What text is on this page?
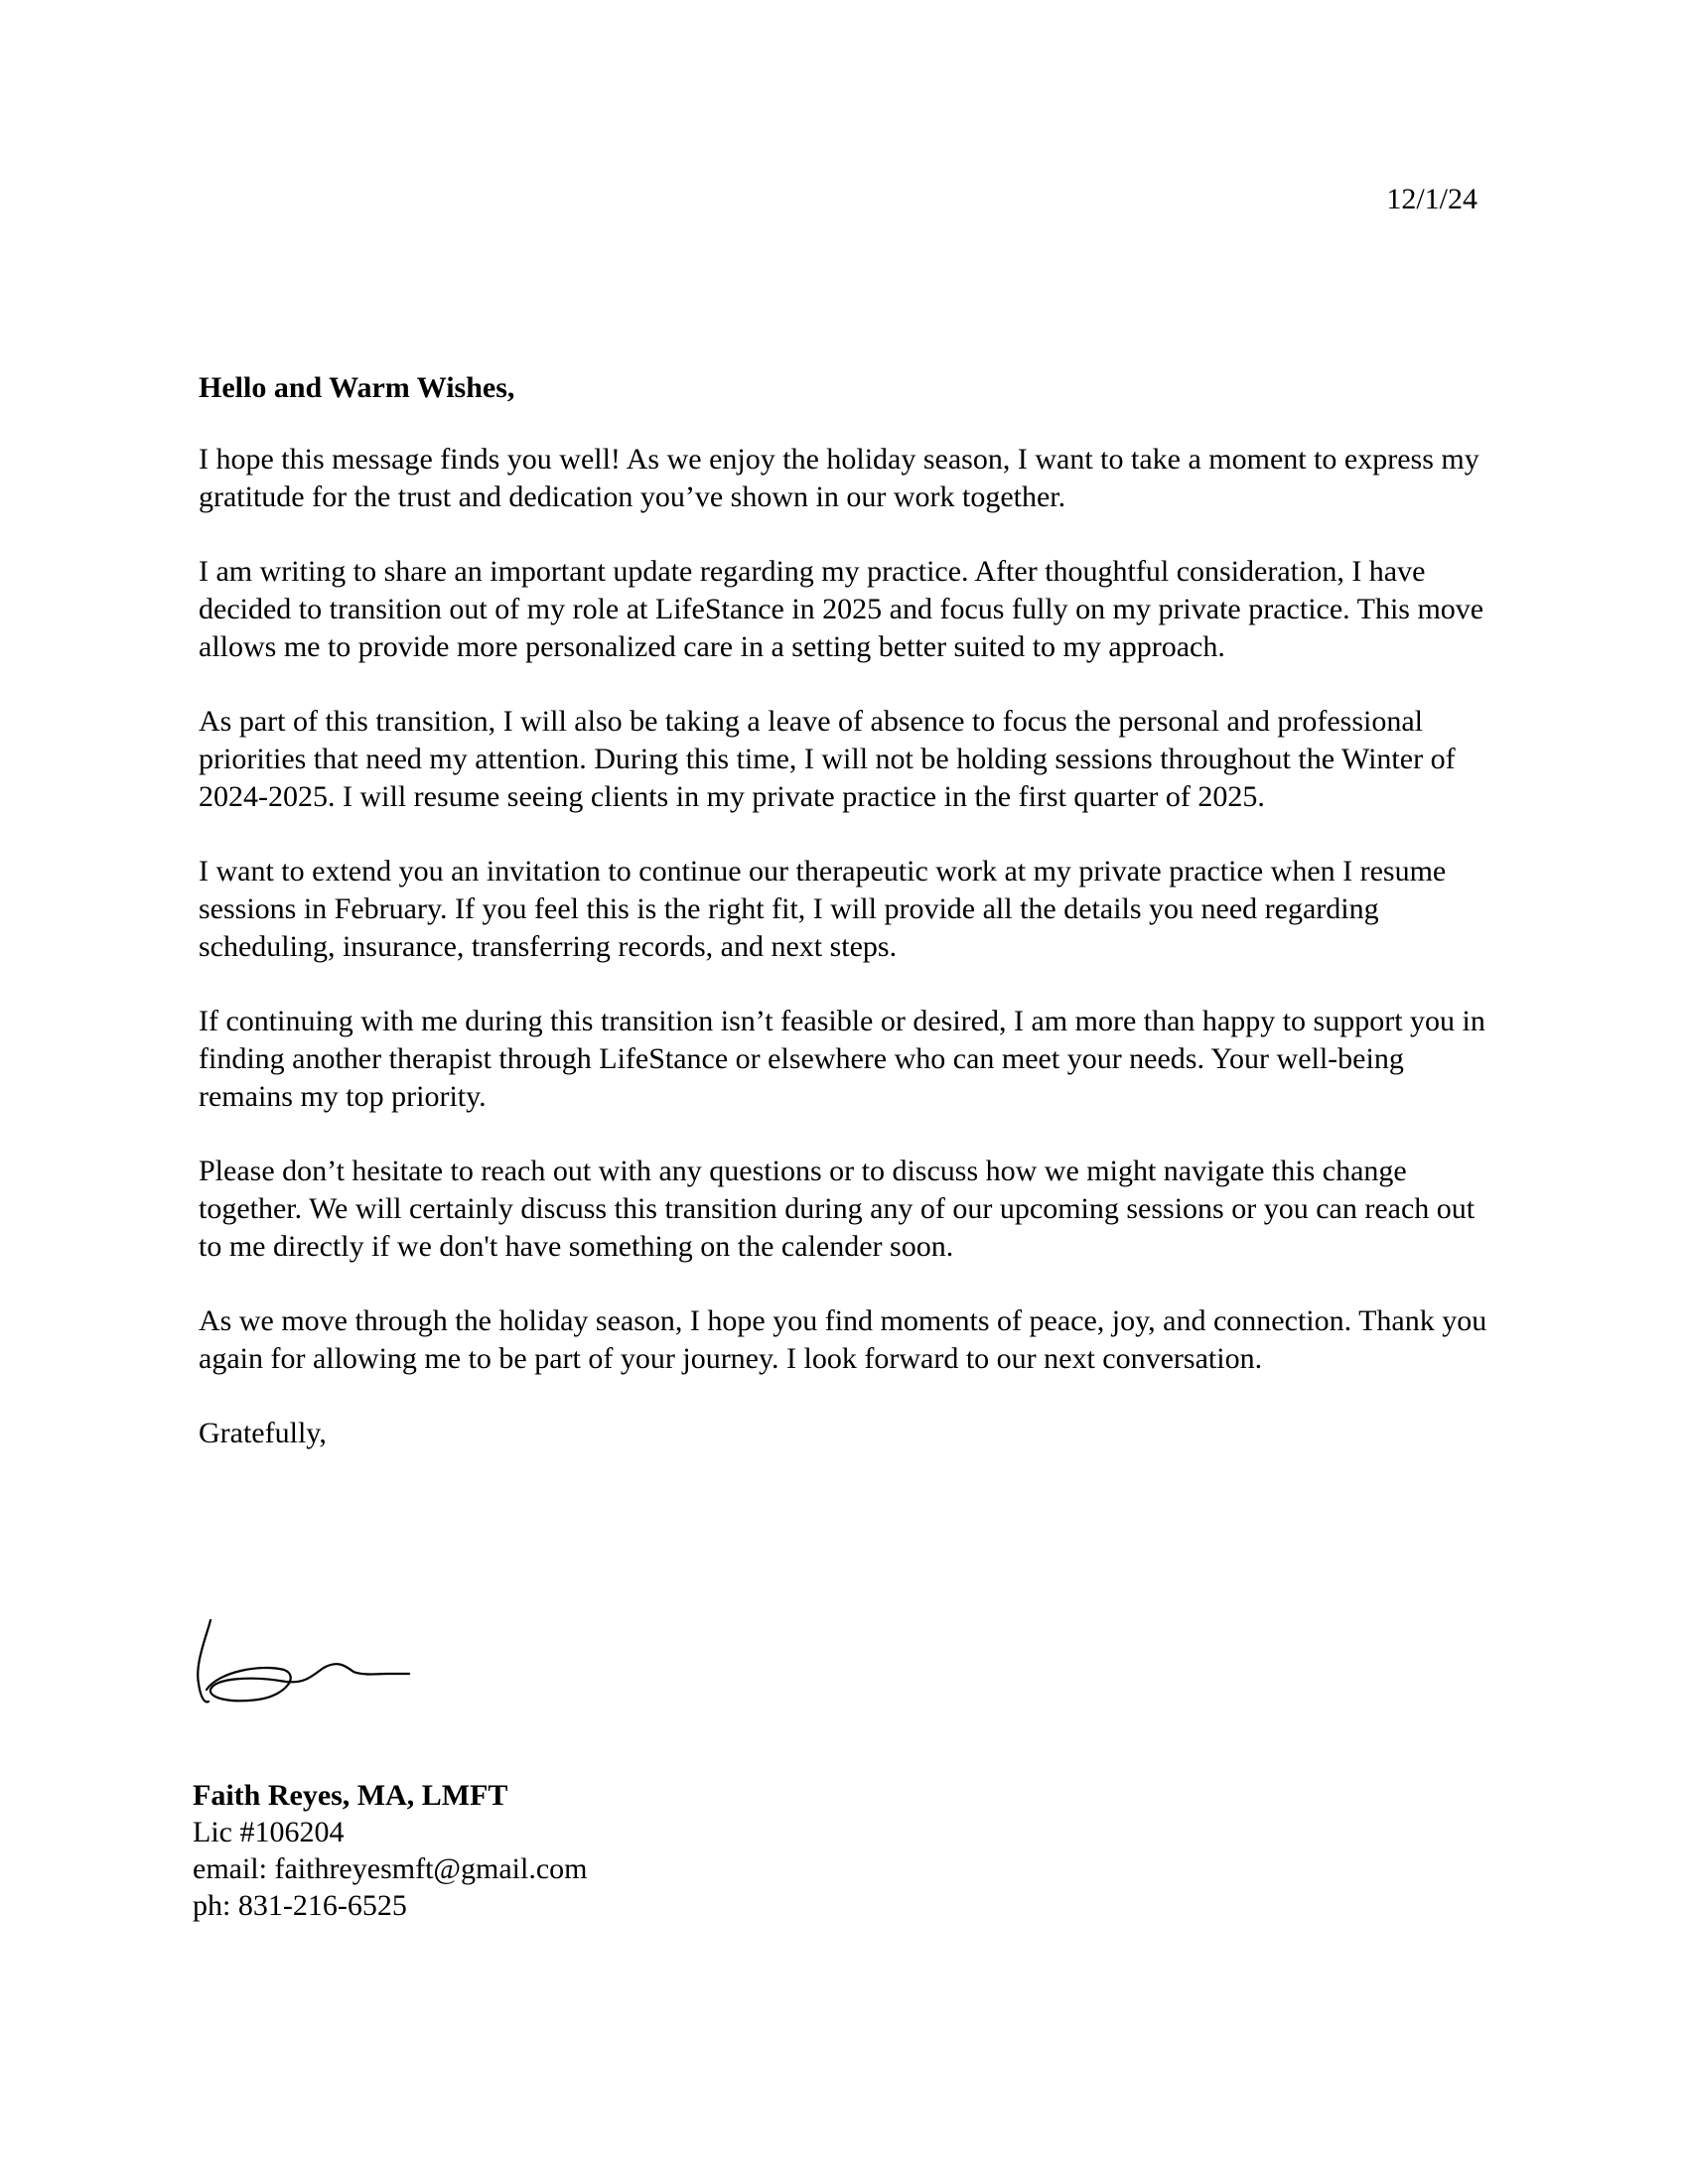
12/1/24

Hello and Warm Wishes,

I hope this message finds you well! As we enjoy the holiday season, I want to take a moment to express my gratitude for the trust and dedication you’ve shown in our work together.

I am writing to share an important update regarding my practice. After thoughtful consideration, I have decided to transition out of my role at LifeStance in 2025 and focus fully on my private practice. This move allows me to provide more personalized care in a setting better suited to my approach.

As part of this transition, I will also be taking a leave of absence to focus the personal and professional priorities that need my attention. During this time, I will not be holding sessions throughout the Winter of 2024-2025. I will resume seeing clients in my private practice in the first quarter of 2025.

I want to extend you an invitation to continue our therapeutic work at my private practice when I resume sessions in February. If you feel this is the right fit, I will provide all the details you need regarding scheduling, insurance, transferring records, and next steps.

If continuing with me during this transition isn’t feasible or desired, I am more than happy to support you in finding another therapist through LifeStance or elsewhere who can meet your needs. Your well-being remains my top priority.

Please don’t hesitate to reach out with any questions or to discuss how we might navigate this change together. We will certainly discuss this transition during any of our upcoming sessions or you can reach out to me directly if we don't have something on the calender soon.

As we move through the holiday season, I hope you find moments of peace, joy, and connection. Thank you again for allowing me to be part of your journey. I look forward to our next conversation.

Gratefully,

Faith Reyes, MA, LMFT
Lic #106204
email: faithreyesmft@gmail.com
ph: 831-216-6525
